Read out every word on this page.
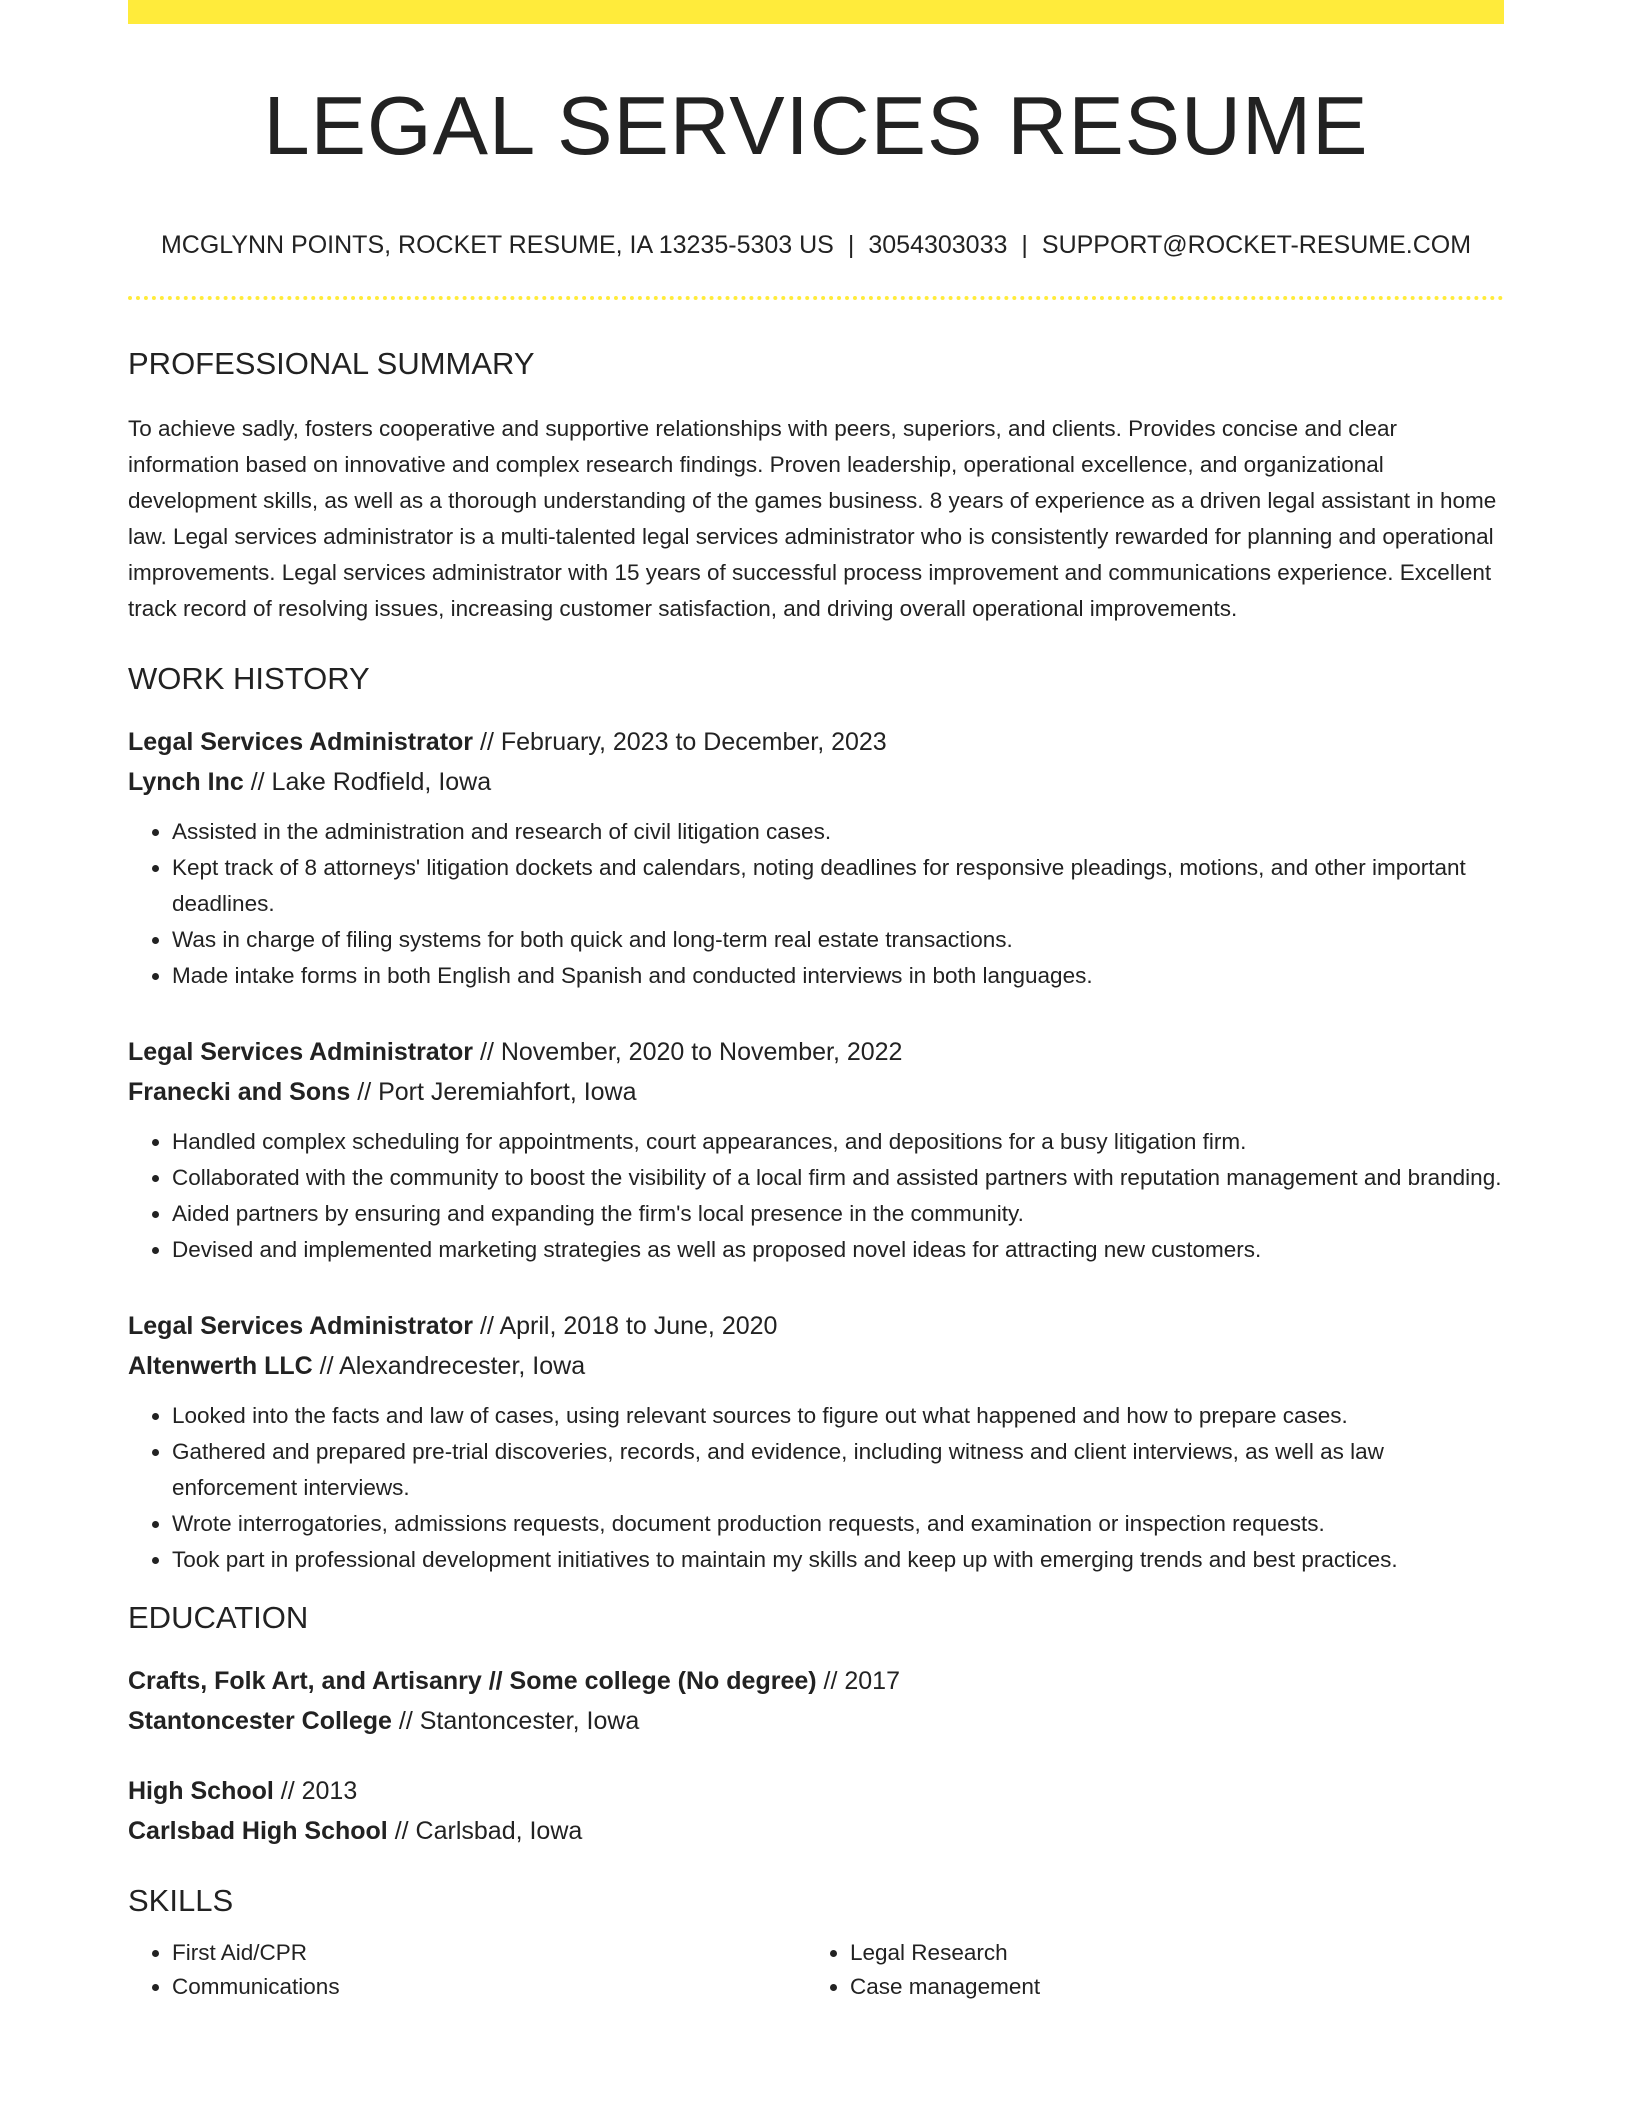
LEGAL SERVICES RESUME
MCGLYNN POINTS, ROCKET RESUME, IA 13235-5303 US | 3054303033 | SUPPORT@ROCKET-RESUME.COM
PROFESSIONAL SUMMARY
To achieve sadly, fosters cooperative and supportive relationships with peers, superiors, and clients. Provides concise and clear information based on innovative and complex research findings. Proven leadership, operational excellence, and organizational development skills, as well as a thorough understanding of the games business. 8 years of experience as a driven legal assistant in home law. Legal services administrator is a multi-talented legal services administrator who is consistently rewarded for planning and operational improvements. Legal services administrator with 15 years of successful process improvement and communications experience. Excellent track record of resolving issues, increasing customer satisfaction, and driving overall operational improvements.
WORK HISTORY
Legal Services Administrator // February, 2023 to December, 2023
Lynch Inc // Lake Rodfield, Iowa
• Assisted in the administration and research of civil litigation cases.
• Kept track of 8 attorneys' litigation dockets and calendars, noting deadlines for responsive pleadings, motions, and other important deadlines.
• Was in charge of filing systems for both quick and long-term real estate transactions.
• Made intake forms in both English and Spanish and conducted interviews in both languages.
Legal Services Administrator // November, 2020 to November, 2022
Franecki and Sons // Port Jeremiahfort, Iowa
• Handled complex scheduling for appointments, court appearances, and depositions for a busy litigation firm.
• Collaborated with the community to boost the visibility of a local firm and assisted partners with reputation management and branding.
• Aided partners by ensuring and expanding the firm's local presence in the community.
• Devised and implemented marketing strategies as well as proposed novel ideas for attracting new customers.
Legal Services Administrator // April, 2018 to June, 2020
Altenwerth LLC // Alexandrecester, Iowa
• Looked into the facts and law of cases, using relevant sources to figure out what happened and how to prepare cases.
• Gathered and prepared pre-trial discoveries, records, and evidence, including witness and client interviews, as well as law enforcement interviews.
• Wrote interrogatories, admissions requests, document production requests, and examination or inspection requests.
• Took part in professional development initiatives to maintain my skills and keep up with emerging trends and best practices.
EDUCATION
Crafts, Folk Art, and Artisanry // Some college (No degree) // 2017
Stantoncester College // Stantoncester, Iowa
High School // 2013
Carlsbad High School // Carlsbad, Iowa
SKILLS
• First Aid/CPR
• Communications
• Legal Research
• Case management
